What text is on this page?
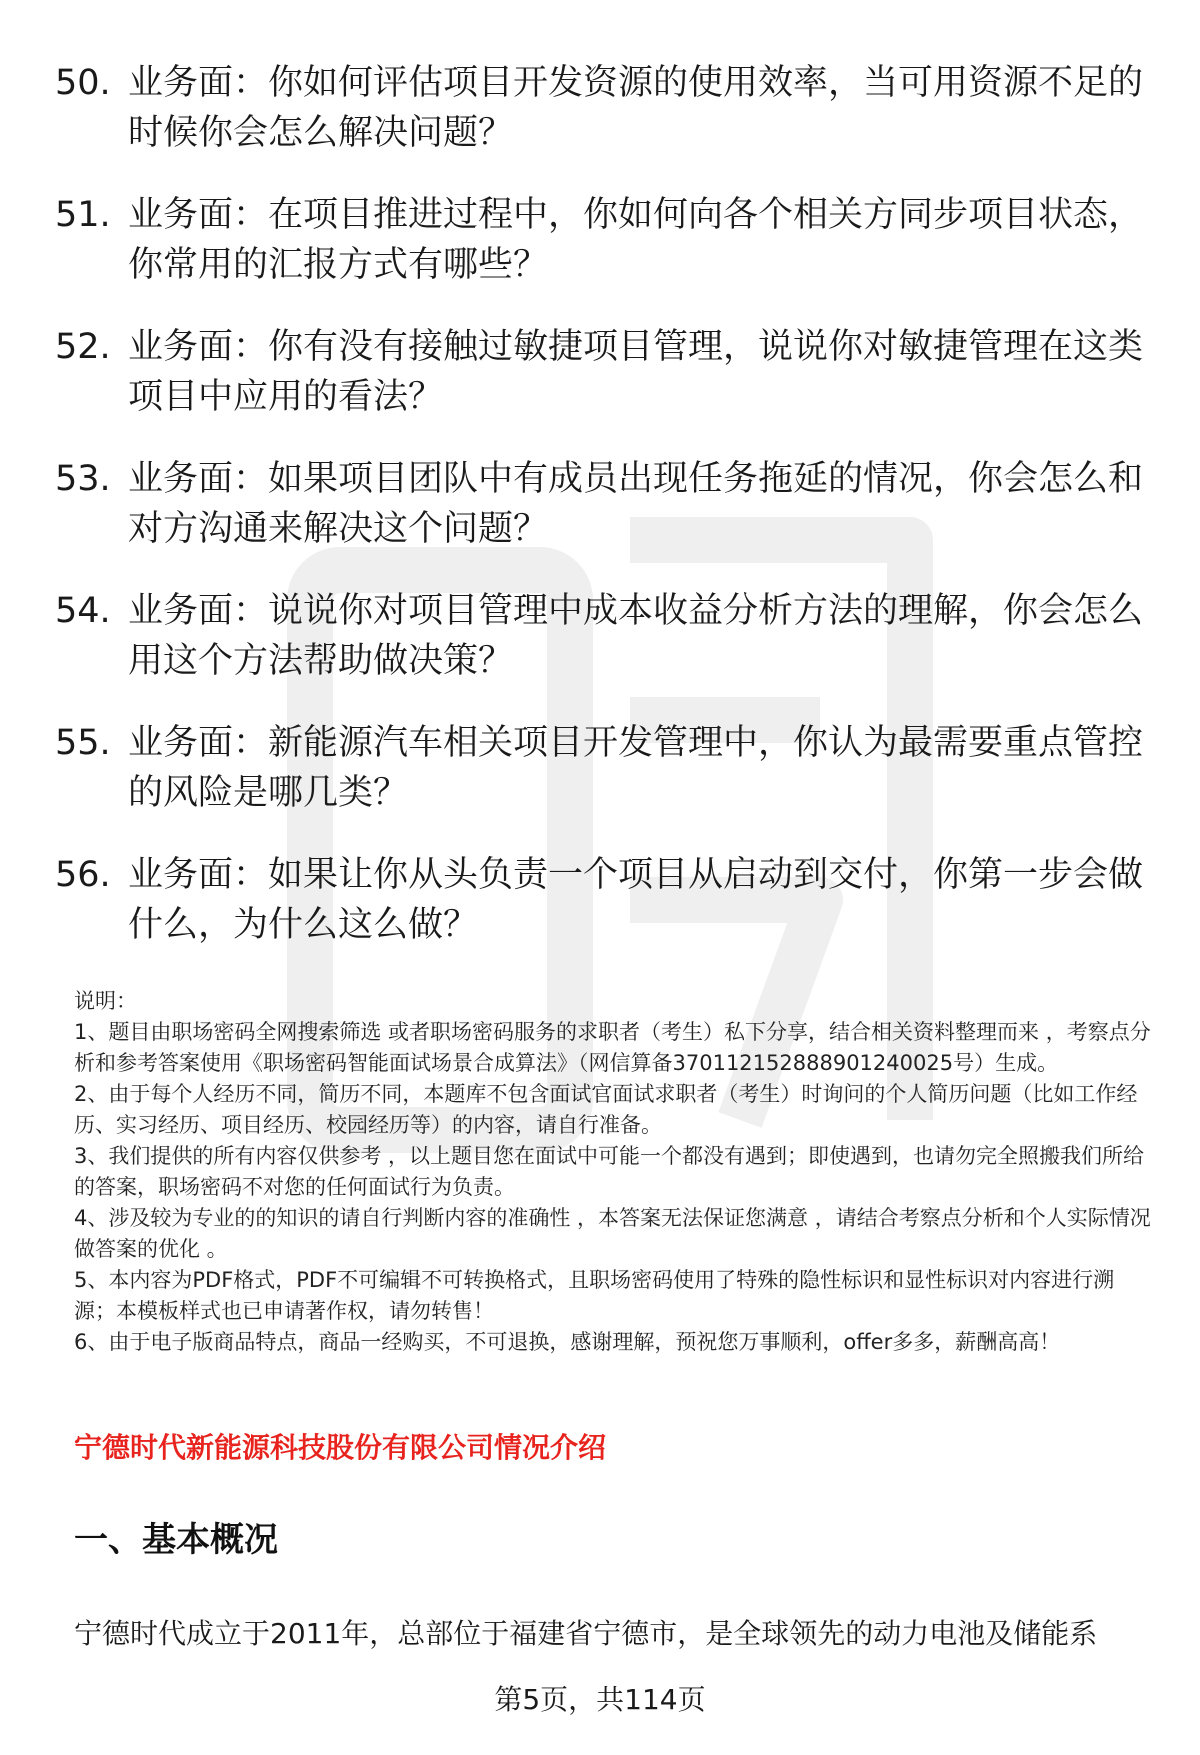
50. 业务面：你如何评估项目开发资源的使用效率，当可用资源不足的时候你会怎么解决问题？
51. 业务面：在项目推进过程中，你如何向各个相关方同步项目状态，你常用的汇报方式有哪些？
52. 业务面：你有没有接触过敏捷项目管理，说说你对敏捷管理在这类项目中应用的看法？
53. 业务面：如果项目团队中有成员出现任务拖延的情况，你会怎么和对方沟通来解决这个问题？
54. 业务面：说说你对项目管理中成本收益分析方法的理解，你会怎么用这个方法帮助做决策？
55. 业务面：新能源汽车相关项目开发管理中，你认为最需要重点管控的风险是哪几类？
56. 业务面：如果让你从头负责一个项目从启动到交付，你第一步会做什么，为什么这么做？

说明：

1、题目由职场密码全网搜索筛选 或者职场密码服务的求职者（考生）私下分享，结合相关资料整理而来 ，考察点分析和参考答案使用《职场密码智能面试场景合成算法》（网信算备370112152888901240025号）生成。

2、由于每个人经历不同，简历不同，本题库不包含面试官面试求职者（考生）时询问的个人简历问题（比如工作经历、实习经历、项目经历、校园经历等）的内容，请自行准备。

3、我们提供的所有内容仅供参考 ，以上题目您在面试中可能一个都没有遇到；即使遇到，也请勿完全照搬我们所给的答案，职场密码不对您的任何面试行为负责。

4、涉及较为专业的的知识的请自行判断内容的准确性 ，本答案无法保证您满意 ，请结合考察点分析和个人实际情况做答案的优化 。

5、本内容为PDF格式，PDF不可编辑不可转换格式，且职场密码使用了特殊的隐性标识和显性标识对内容进行溯源；本模板样式也已申请著作权，请勿转售！

6、由于电子版商品特点，商品一经购买，不可退换，感谢理解，预祝您万事顺利，offer多多，薪酬高高！

宁德时代新能源科技股份有限公司情况介绍
一、基本概况

宁德时代成立于2011年，总部位于福建省宁德市，是全球领先的动力电池及储能系

第5页，共114页
